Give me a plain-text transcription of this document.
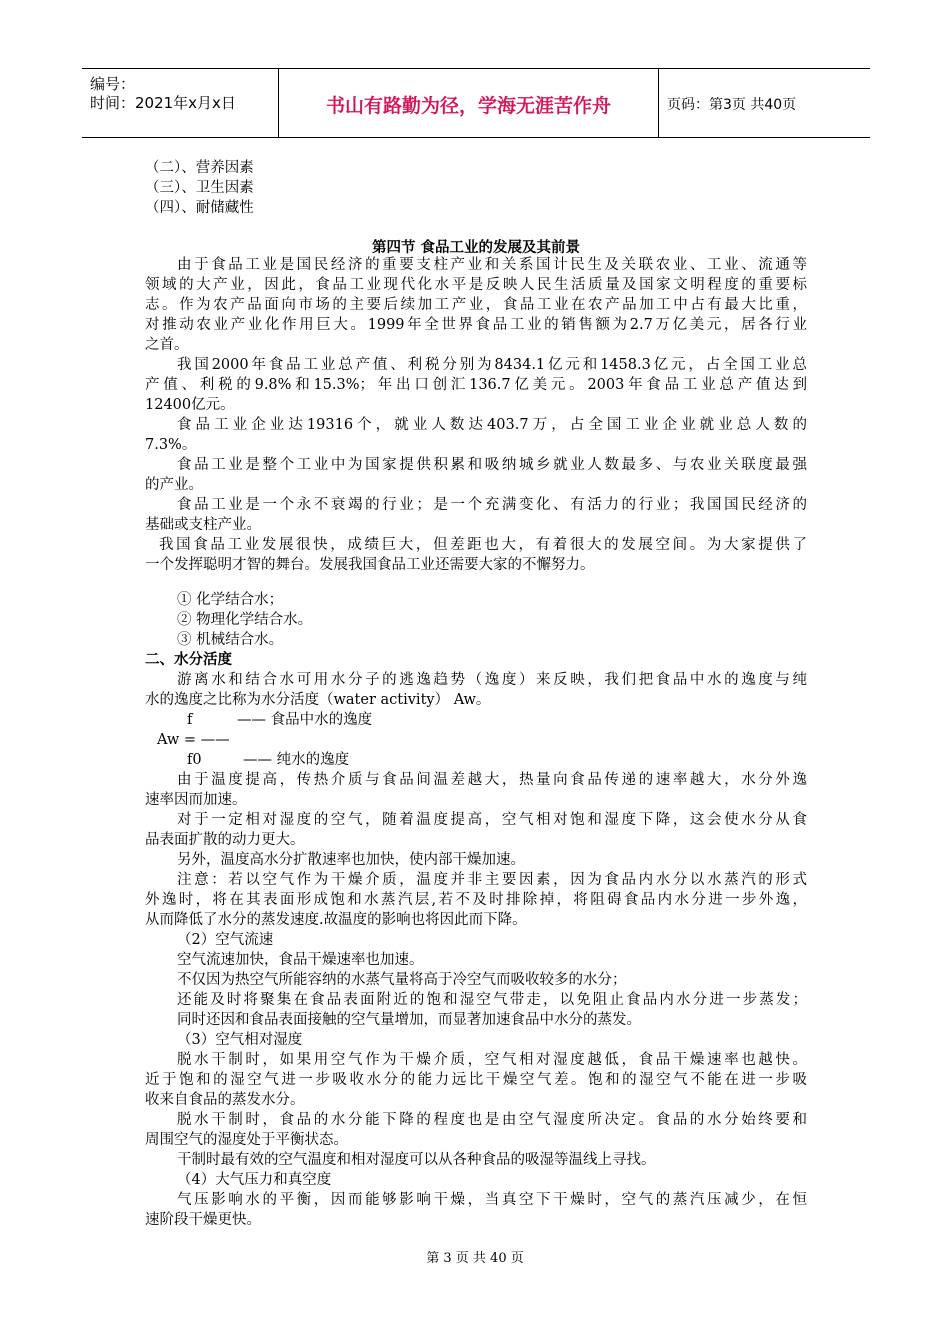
编号：
时间：2021年x月x日	书山有路勤为径，学海无涯苦作舟	页码：第3页 共40页
（二）、营养因素
（三）、卫生因素
（四）、耐储藏性
第四节 食品工业的发展及其前景
由于食品工业是国民经济的重要支柱产业和关系国计民生及关联农业、工业、流通等
领域的大产业，因此，食品工业现代化水平是反映人民生活质量及国家文明程度的重要标
志。作为农产品面向市场的主要后续加工产业，食品工业在农产品加工中占有最大比重，
对推动农业产业化作用巨大。1999年全世界食品工业的销售额为2.7万亿美元，居各行业
之首。
我国2000年食品工业总产值、利税分别为8434.1亿元和1458.3亿元，占全国工业总
产值、利税的9.8%和15.3%；年出口创汇136.7亿美元。2003年食品工业总产值达到
12400亿元。
食品工业企业达19316个，就业人数达403.7万，占全国工业企业就业总人数的
7.3%。
食品工业是整个工业中为国家提供积累和吸纳城乡就业人数最多、与农业关联度最强
的产业。
食品工业是一个永不衰竭的行业；是一个充满变化、有活力的行业；我国国民经济的
基础或支柱产业。
我国食品工业发展很快，成绩巨大，但差距也大，有着很大的发展空间。为大家提供了
一个发挥聪明才智的舞台。发展我国食品工业还需要大家的不懈努力。
① 化学结合水；
② 物理化学结合水。
③ 机械结合水。
二、水分活度
游离水和结合水可用水分子的逃逸趋势（逸度）来反映，我们把食品中水的逸度与纯
水的逸度之比称为水分活度（water activity） Aw。
f	—— 食品中水的逸度
Aw = ——
f0	—— 纯水的逸度
由于温度提高，传热介质与食品间温差越大，热量向食品传递的速率越大，水分外逸
速率因而加速。
对于一定相对湿度的空气，随着温度提高，空气相对饱和湿度下降，这会使水分从食
品表面扩散的动力更大。
另外，温度高水分扩散速率也加快，使内部干燥加速。
注意：若以空气作为干燥介质，温度并非主要因素，因为食品内水分以水蒸汽的形式
外逸时，将在其表面形成饱和水蒸汽层,若不及时排除掉，将阻碍食品内水分进一步外逸，
从而降低了水分的蒸发速度.故温度的影响也将因此而下降。
（2）空气流速
空气流速加快，食品干燥速率也加速。
不仅因为热空气所能容纳的水蒸气量将高于冷空气而吸收较多的水分；
还能及时将聚集在食品表面附近的饱和湿空气带走，以免阻止食品内水分进一步蒸发；
同时还因和食品表面接触的空气量增加，而显著加速食品中水分的蒸发。
（3）空气相对湿度
脱水干制时，如果用空气作为干燥介质，空气相对湿度越低，食品干燥速率也越快。
近于饱和的湿空气进一步吸收水分的能力远比干燥空气差。饱和的湿空气不能在进一步吸
收来自食品的蒸发水分。
脱水干制时，食品的水分能下降的程度也是由空气湿度所决定。食品的水分始终要和
周围空气的湿度处于平衡状态。
干制时最有效的空气温度和相对湿度可以从各种食品的吸湿等温线上寻找。
（4）大气压力和真空度
气压影响水的平衡，因而能够影响干燥，当真空下干燥时，空气的蒸汽压减少，在恒
速阶段干燥更快。
第 3 页 共 40 页
